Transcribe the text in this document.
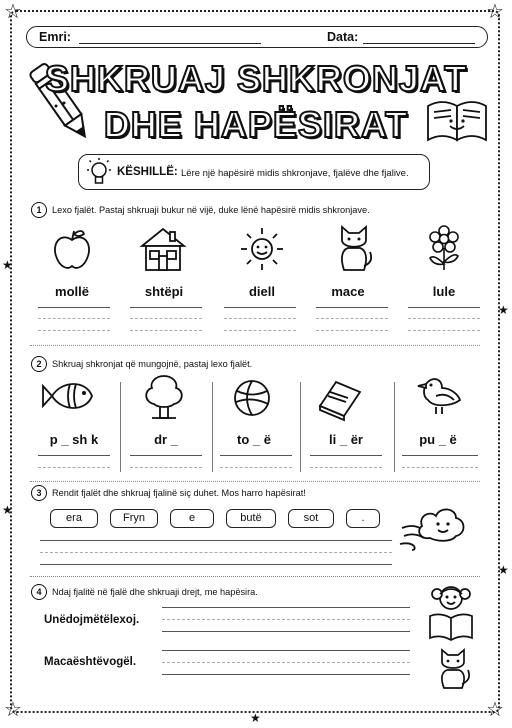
☆	☆
☆	☆
★
★
★
★
★
Emri:	Data:
SHKRUAJ SHKRONJAT
DHE HAPËSIRAT
KËSHILLË: Lëre një hapësirë midis shkronjave, fjalëve dhe fjalive.
1	Lexo fjalët. Pastaj shkruaji bukur në vijë, duke lënë hapësirë midis shkronjave.
mollë	shtëpi	diell	mace	lule
2	Shkruaj shkronjat që mungojnë, pastaj lexo fjalët.
p _ sh k	dr _	to _ ë	li _ ër	pu _ ë
3	Rendit fjalët dhe shkruaj fjalinë siç duhet. Mos harro hapësirat!
era	Fryn	e	butë	sot	.
4	Ndaj fjalitë në fjalë dhe shkruaji drejt, me hapësira.
Unëdojmëtëlexoj.
Macaështëvogël.
